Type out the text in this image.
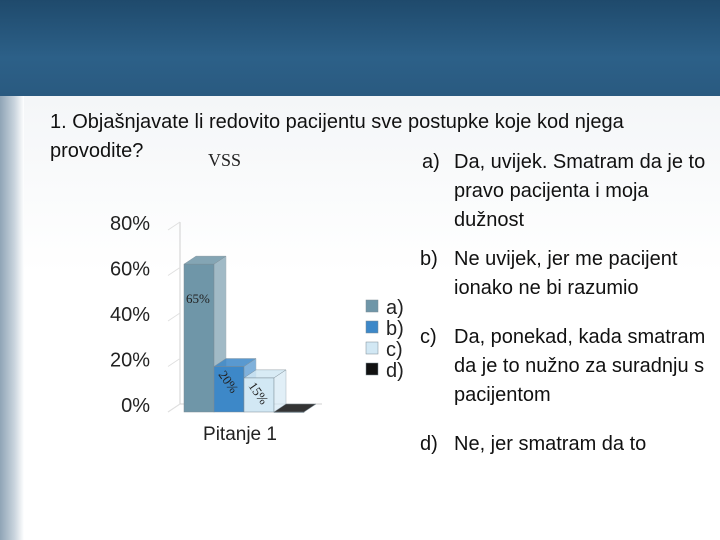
1. Objašnjavate li redovito pacijentu sve postupke koje kod njega provodite?
0%
20%
40%
60%
80%
65%
20% 15%
Pitanje 1
a)
b)
c)
d)
a) Da, uvijek. Smatram da je to pravo pacijenta i moja dužnost
b) Ne uvijek, jer me pacijent ionako ne bi razumio
c) Da, ponekad, kada smatram da je to nužno za suradnju s pacijentom
d) Ne, jer smatram da to
VSS
